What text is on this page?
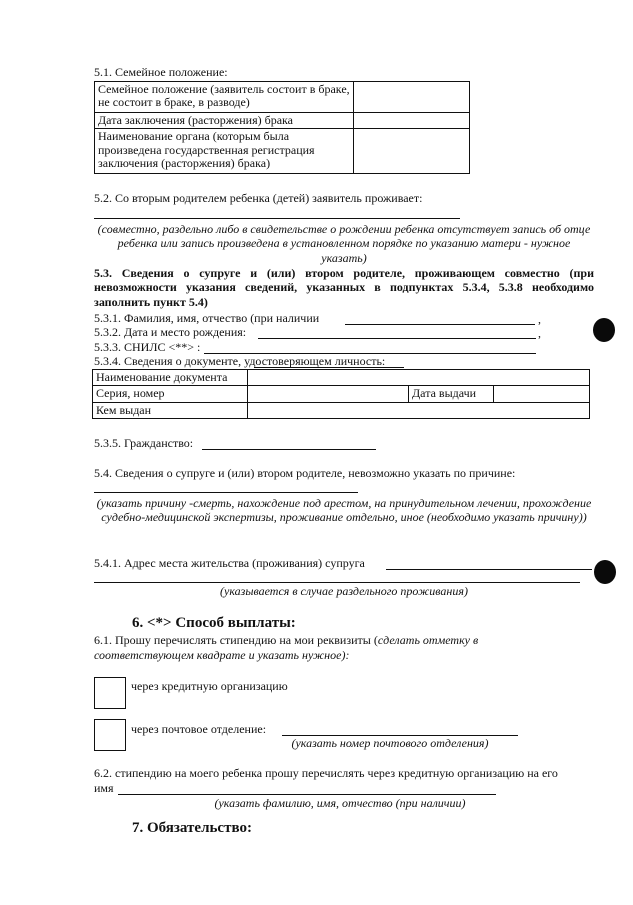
5.1. Семейное положение:
Семейное положение (заявитель состоит в браке, не состоит в браке, в разводе)	
Дата заключения (расторжения) брака	
Наименование органа (которым была произведена государственная регистрация заключения (расторжения) брака)	
5.2. Со вторым родителем ребенка (детей) заявитель проживает:
(совместно, раздельно либо в свидетельстве о рождении ребенка отсутствует запись об отце ребенка или запись произведена в установленном порядке по указанию матери - нужное указать)
5.3. Сведения о супруге и (или) втором родителе, проживающем совместно (при невозможности указания сведений, указанных в подпунктах 5.3.4, 5.3.8 необходимо заполнить пункт 5.4)
5.3.1. Фамилия, имя, отчество (при наличии	,
5.3.2. Дата и место рождения:	,
5.3.3. СНИЛС <**> :
5.3.4. Сведения о документе, удостоверяющем личность:
Наименование документа			
Серия, номер		Дата выдачи	
Кем выдан			
5.3.5. Гражданство:
5.4. Сведения о супруге и (или) втором родителе, невозможно указать по причине:
(указать причину -смерть, нахождение под арестом, на принудительном лечении, прохождение судебно-медицинской экспертизы, проживание отдельно, иное (необходимо указать причину))
5.4.1. Адрес места жительства (проживания) супруга
(указывается в случае раздельного проживания)
6. <*> Способ выплаты:
6.1. Прошу перечислять стипендию на мои реквизиты (сделать отметку в
соответствующем квадрате и указать нужное):
через кредитную организацию
через почтовое отделение:
(указать номер почтового отделения)
6.2. стипендию на моего ребенка прошу перечислять через кредитную организацию на его
имя
(указать фамилию, имя, отчество (при наличии)
7. Обязательство:
